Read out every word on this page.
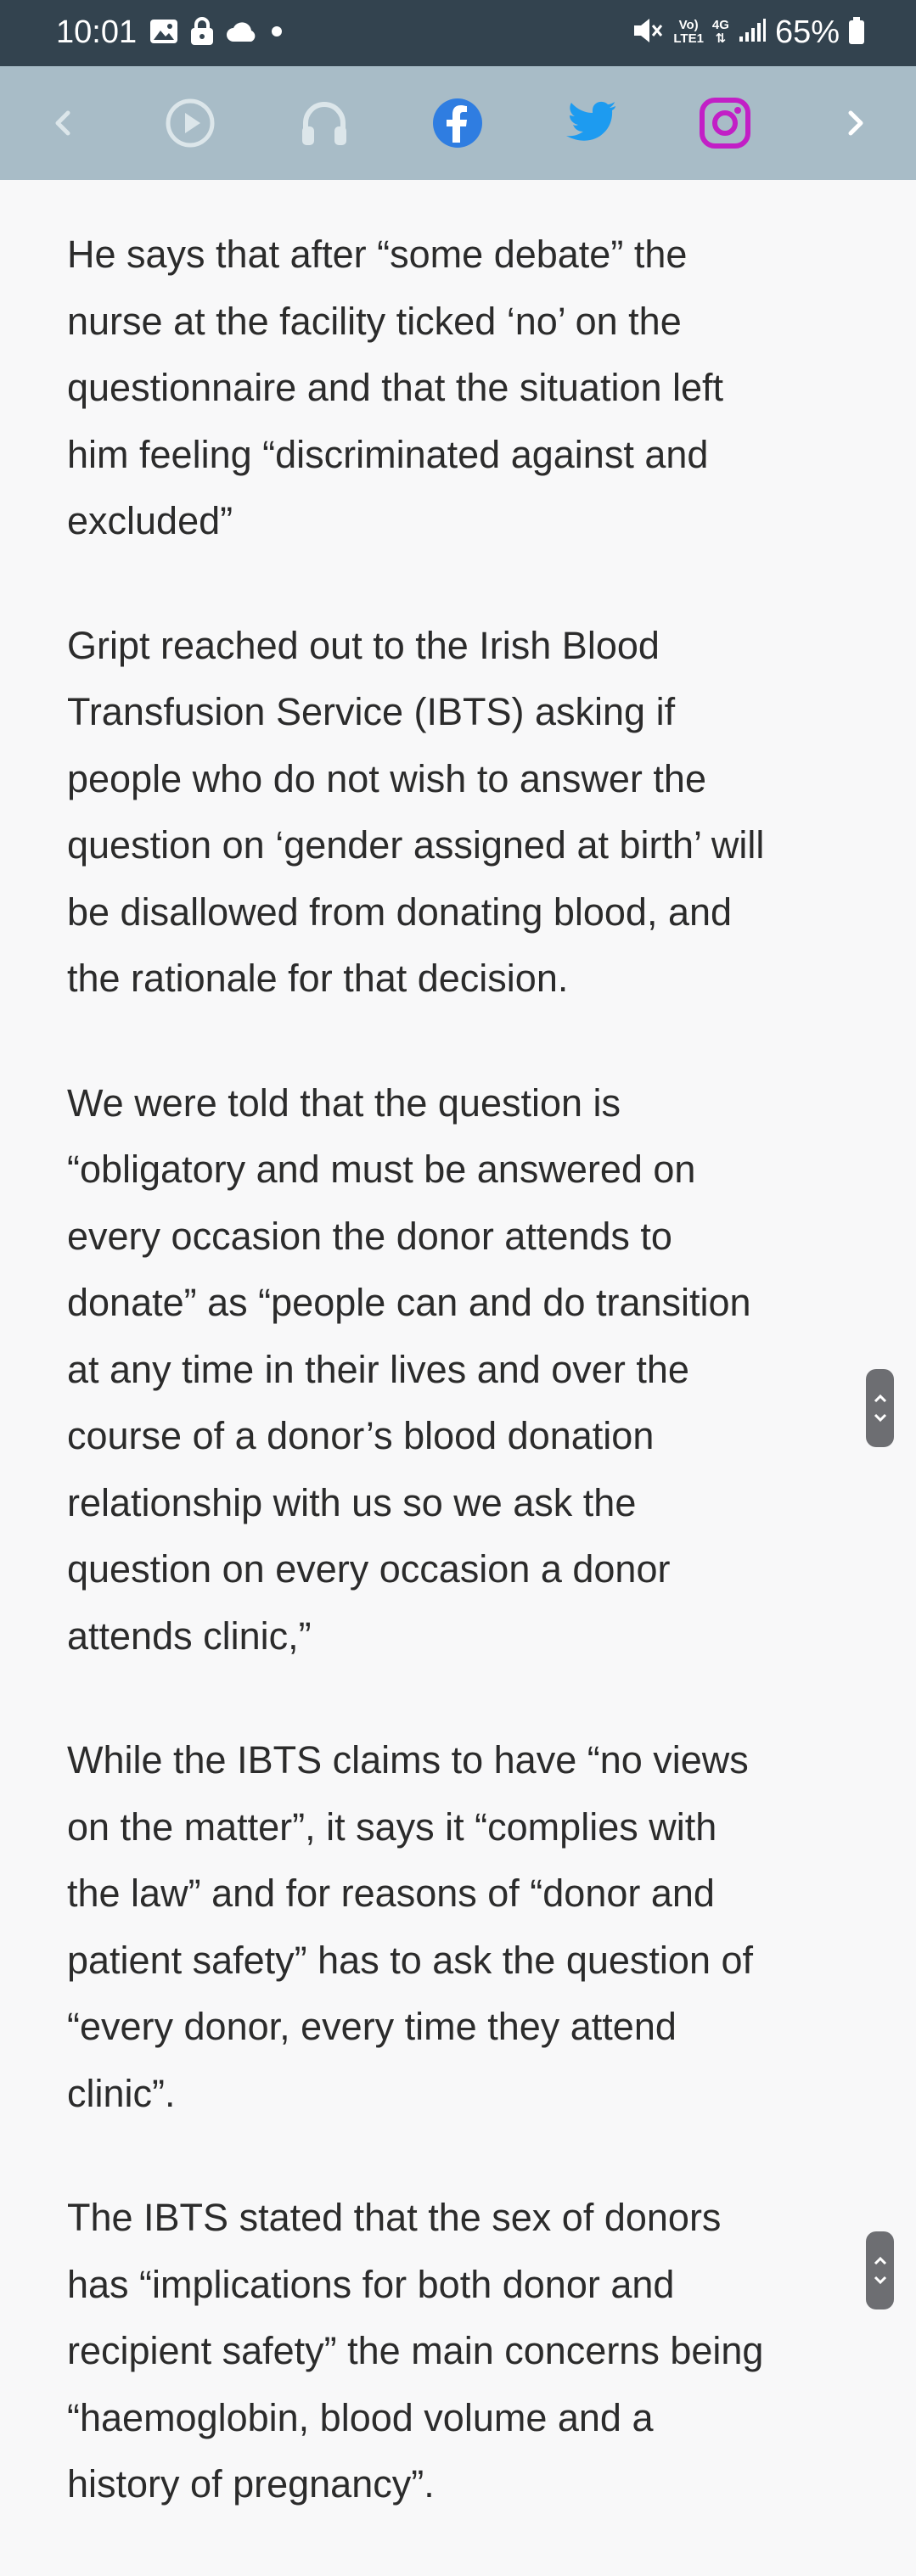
10:01	Vo)
LTE1
4G
⇅ 65%

He says that after “some debate” the
nurse at the facility ticked ‘no’ on the
questionnaire and that the situation left
him feeling “discriminated against and
excluded”

Gript reached out to the Irish Blood
Transfusion Service (IBTS) asking if
people who do not wish to answer the
question on ‘gender assigned at birth’ will
be disallowed from donating blood, and
the rationale for that decision.

We were told that the question is
“obligatory and must be answered on
every occasion the donor attends to
donate” as “people can and do transition
at any time in their lives and over the
course of a donor’s blood donation
relationship with us so we ask the
question on every occasion a donor
attends clinic,”

While the IBTS claims to have “no views
on the matter”, it says it “complies with
the law” and for reasons of “donor and
patient safety” has to ask the question of
“every donor, every time they attend
clinic”.

The IBTS stated that the sex of donors
has “implications for both donor and
recipient safety” the main concerns being
“haemoglobin, blood volume and a
history of pregnancy”.
